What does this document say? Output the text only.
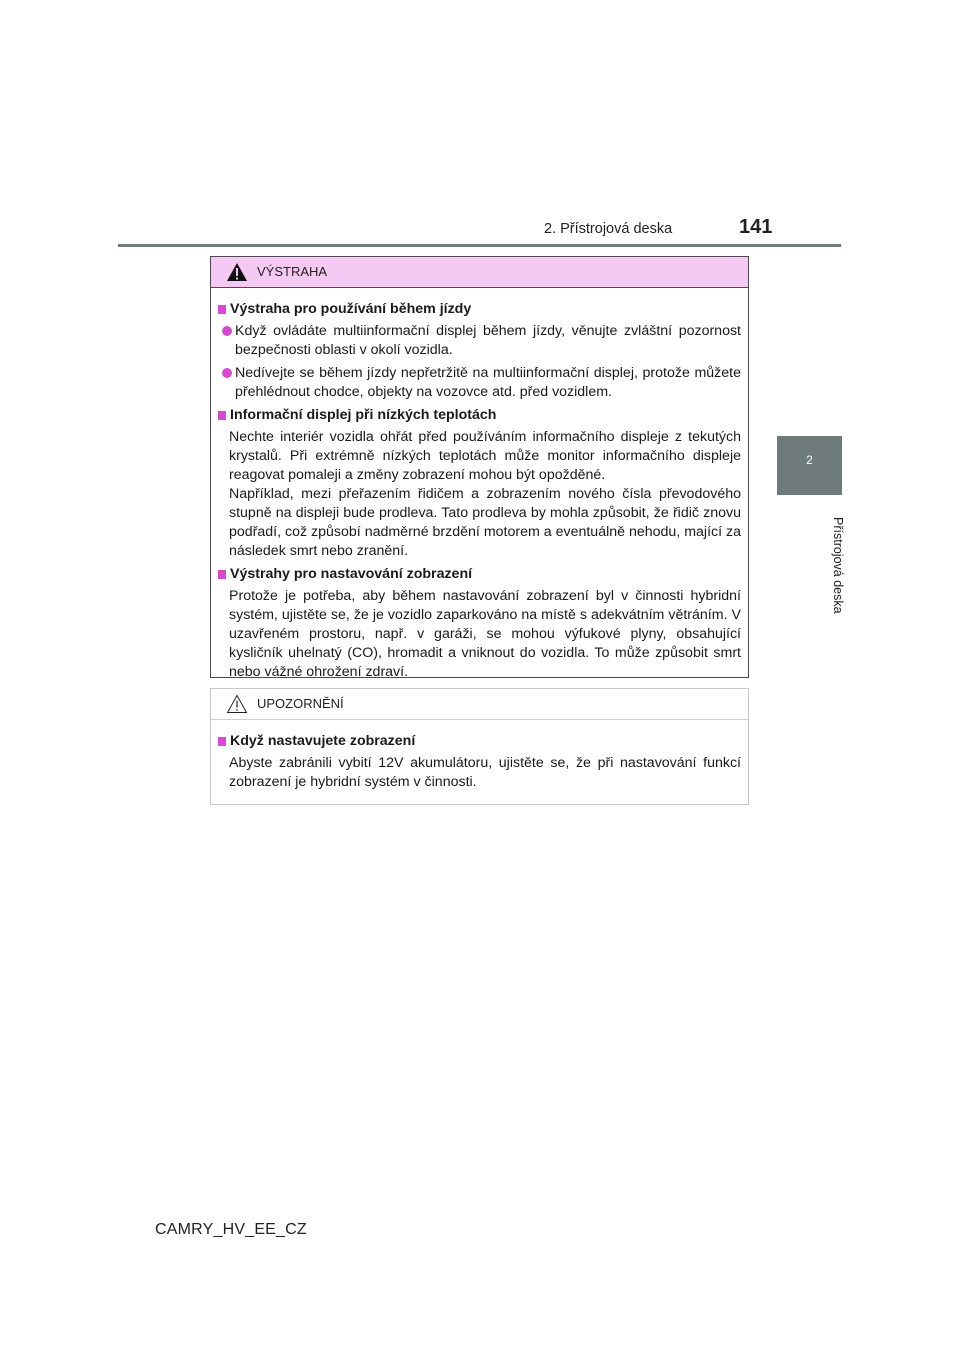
2. Přístrojová deska	141
2
Přístrojová deska
VÝSTRAHA
Výstraha pro používání během jízdy
Když ovládáte multiinformační displej během jízdy, věnujte zvláštní pozornost bezpečnosti oblasti v okolí vozidla.
Nedívejte se během jízdy nepřetržitě na multiinformační displej, protože můžete přehlédnout chodce, objekty na vozovce atd. před vozidlem.
Informační displej při nízkých teplotách
Nechte interiér vozidla ohřát před používáním informačního displeje z tekutých krystalů. Při extrémně nízkých teplotách může monitor informačního displeje reagovat pomaleji a změny zobrazení mohou být opožděné.
Například, mezi přeřazením řidičem a zobrazením nového čísla převodového stupně na displeji bude prodleva. Tato prodleva by mohla způsobit, že řidič znovu podřadí, což způsobí nadměrné brzdění motorem a eventuálně nehodu, mající za následek smrt nebo zranění.
Výstrahy pro nastavování zobrazení
Protože je potřeba, aby během nastavování zobrazení byl v činnosti hybridní systém, ujistěte se, že je vozidlo zaparkováno na místě s adekvátním větráním. V uzavřeném prostoru, např. v garáži, se mohou výfukové plyny, obsahující kysličník uhelnatý (CO), hromadit a vniknout do vozidla. To může způsobit smrt nebo vážné ohrožení zdraví.
UPOZORNĚNÍ
Když nastavujete zobrazení
Abyste zabránili vybití 12V akumulátoru, ujistěte se, že při nastavování funkcí zobrazení je hybridní systém v činnosti.
CAMRY_HV_EE_CZ
